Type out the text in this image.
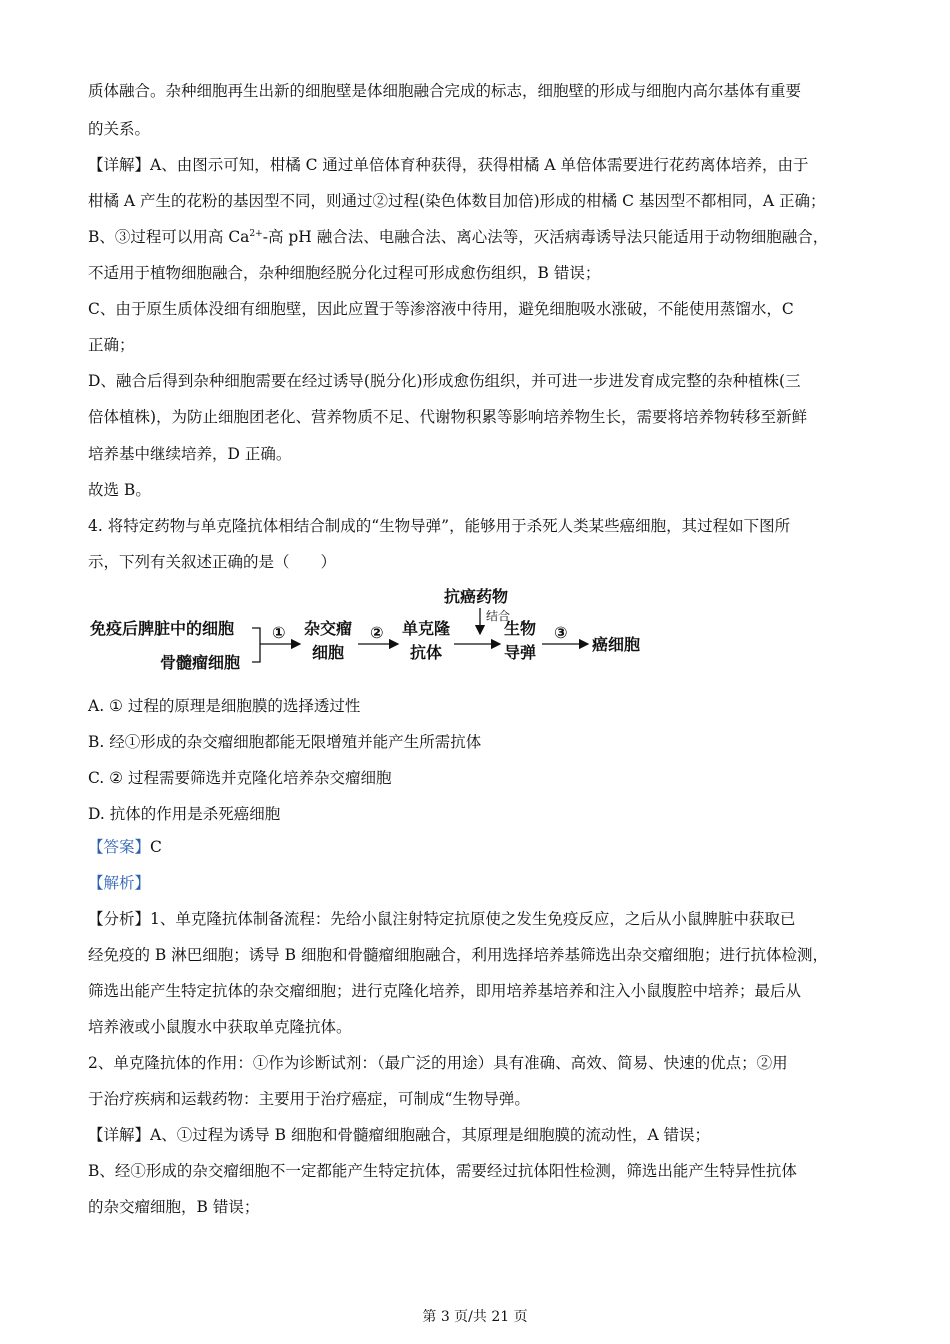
质体融合。杂种细胞再生出新的细胞壁是体细胞融合完成的标志，细胞壁的形成与细胞内高尔基体有重要
的关系。
【详解】A、由图示可知，柑橘 C 通过单倍体育种获得，获得柑橘 A 单倍体需要进行花药离体培养，由于
柑橘 A 产生的花粉的基因型不同，则通过②过程(染色体数目加倍)形成的柑橘 C 基因型不都相同，A 正确；
B、③过程可以用高 $Ca^{2+}-$高 pH 融合法、电融合法、离心法等，灭活病毒诱导法只能适用于动物细胞融合，
不适用于植物细胞融合，杂种细胞经脱分化过程可形成愈伤组织，B 错误；
C、由于原生质体没细有细胞壁，因此应置于等渗溶液中待用，避免细胞吸水涨破，不能使用蒸馏水，C
正确；
D、融合后得到杂种细胞需要在经过诱导(脱分化)形成愈伤组织，并可进一步进发育成完整的杂种植株(三
倍体植株)，为防止细胞团老化、营养物质不足、代谢物积累等影响培养物生长，需要将培养物转移至新鲜
培养基中继续培养，D 正确。
故选 B。
4. 将特定药物与单克隆抗体相结合制成的“生物导弹”，能够用于杀死人类某些癌细胞，其过程如下图所
示，下列有关叙述正确的是（　　）
抗癌药物
结合
免疫后脾脏中的细胞
骨髓瘤细胞
① 杂交瘤
细胞
② 单克隆
抗体
生物
导弹
③
癌细胞
A. ① 过程的原理是细胞膜的选择透过性
B. 经①形成的杂交瘤细胞都能无限增殖并能产生所需抗体
C. ② 过程需要筛选并克隆化培养杂交瘤细胞
D. 抗体的作用是杀死癌细胞
【答案】C
【解析】
【分析】1、单克隆抗体制备流程：先给小鼠注射特定抗原使之发生免疫反应，之后从小鼠脾脏中获取已
经免疫的 B 淋巴细胞；诱导 B 细胞和骨髓瘤细胞融合，利用选择培养基筛选出杂交瘤细胞；进行抗体检测，
筛选出能产生特定抗体的杂交瘤细胞；进行克隆化培养，即用培养基培养和注入小鼠腹腔中培养；最后从
培养液或小鼠腹水中获取单克隆抗体。
2、单克隆抗体的作用：①作为诊断试剂：（最广泛的用途）具有准确、高效、简易、快速的优点；②用
于治疗疾病和运载药物：主要用于治疗癌症，可制成“生物导弹。
【详解】A、①过程为诱导 B 细胞和骨髓瘤细胞融合，其原理是细胞膜的流动性，A 错误；
B、经①形成的杂交瘤细胞不一定都能产生特定抗体，需要经过抗体阳性检测，筛选出能产生特异性抗体
的杂交瘤细胞，B 错误；
第 3 页/共 21 页
